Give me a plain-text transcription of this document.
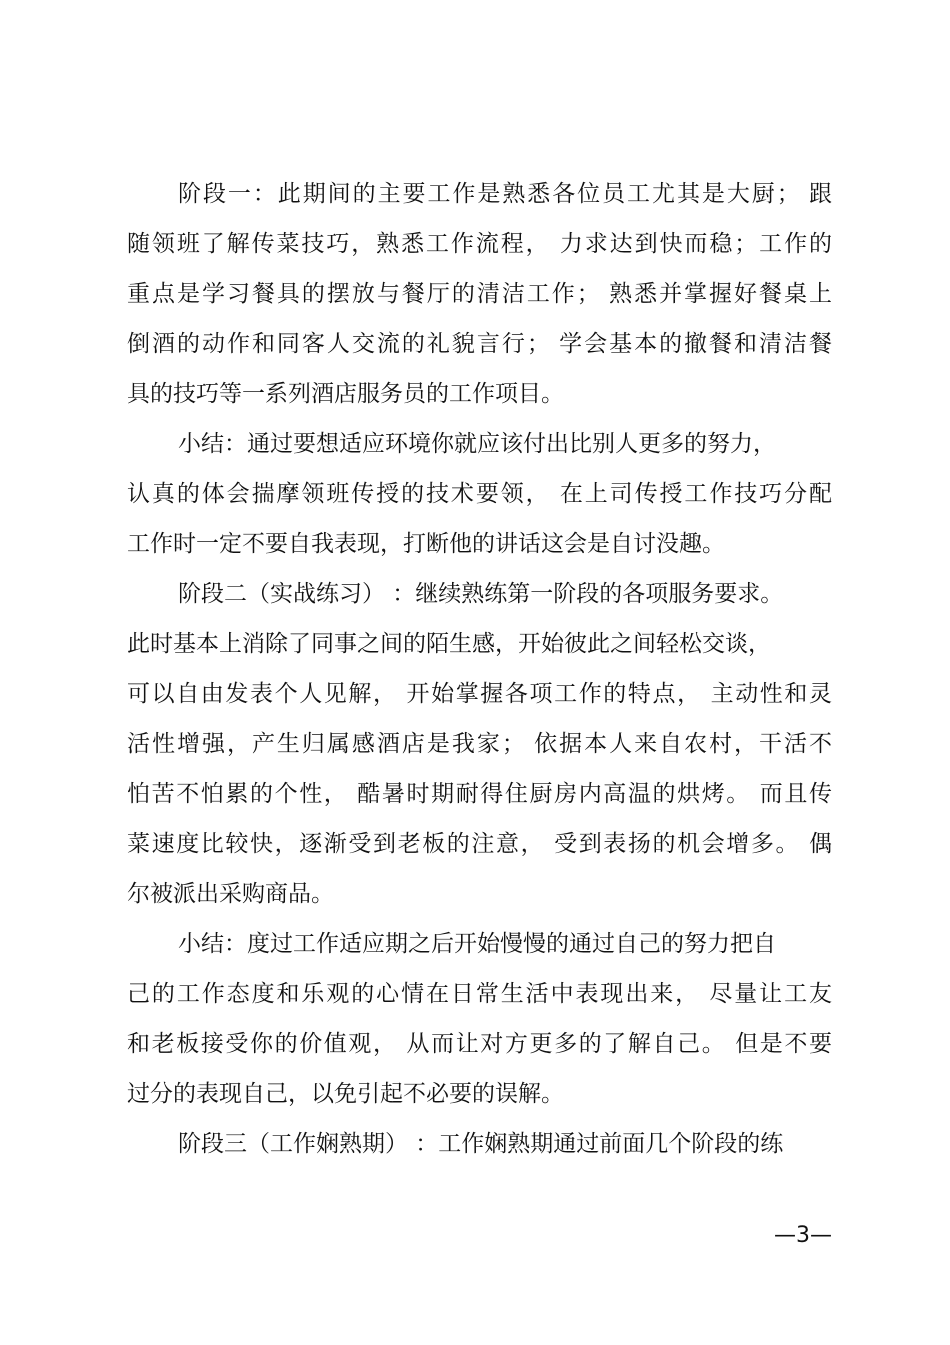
阶段一：此期间的主要工作是熟悉各位员工尤其是大厨； 跟
随领班了解传菜技巧，熟悉工作流程， 力求达到快而稳；工作的
重点是学习餐具的摆放与餐厅的清洁工作； 熟悉并掌握好餐桌上
倒酒的动作和同客人交流的礼貌言行； 学会基本的撤餐和清洁餐
具的技巧等一系列酒店服务员的工作项目。
小结：通过要想适应环境你就应该付出比别人更多的努力，
认真的体会揣摩领班传授的技术要领， 在上司传授工作技巧分配
工作时一定不要自我表现，打断他的讲话这会是自讨没趣。
阶段二（实战练习） ：继续熟练第一阶段的各项服务要求。
此时基本上消除了同事之间的陌生感，开始彼此之间轻松交谈，
可以自由发表个人见解， 开始掌握各项工作的特点， 主动性和灵
活性增强，产生归属感酒店是我家； 依据本人来自农村，干活不
怕苦不怕累的个性， 酷暑时期耐得住厨房内高温的烘烤。 而且传
菜速度比较快，逐渐受到老板的注意， 受到表扬的机会增多。 偶
尔被派出采购商品。
小结：度过工作适应期之后开始慢慢的通过自己的努力把自
己的工作态度和乐观的心情在日常生活中表现出来， 尽量让工友
和老板接受你的价值观， 从而让对方更多的了解自己。 但是不要
过分的表现自己，以免引起不必要的误解。
阶段三（工作娴熟期） ：工作娴熟期通过前面几个阶段的练
—3—
